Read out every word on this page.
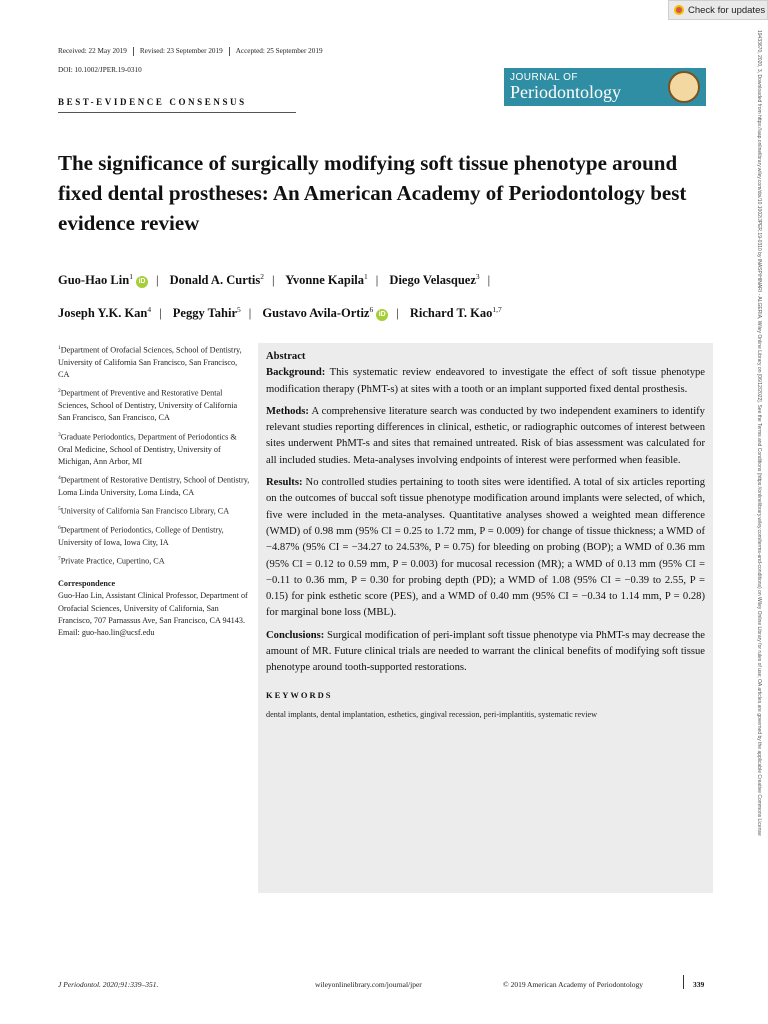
Check for updates
Received: 22 May 2019 Revised: 23 September 2019 Accepted: 25 September 2019
DOI: 10.1002/JPER.19-0310
BEST-EVIDENCE CONSENSUS
JOURNAL OF
Periodontology
The significance of surgically modifying soft tissue phenotype around fixed dental prostheses: An American Academy of Periodontology best evidence review
Guo-Hao Lin$^1$iD | Donald A. Curtis$^2$ | Yvonne Kapila$^1$ | Diego Velasquez$^3$ |
Joseph Y.K. Kan$^4$ | Peggy Tahir$^5$ | Gustavo Avila-Ortiz$^6$iD | Richard T. Kao$^{1,7}$

$^1$Department of Orofacial Sciences, School of Dentistry, University of California San Francisco, San Francisco, CA

$^2$Department of Preventive and Restorative Dental Sciences, School of Dentistry, University of California San Francisco, San Francisco, CA

$^3$Graduate Periodontics, Department of Periodontics & Oral Medicine, School of Dentistry, University of Michigan, Ann Arbor, MI

$^4$Department of Restorative Dentistry, School of Dentistry, Loma Linda University, Loma Linda, CA

$^5$University of California San Francisco Library, CA

$^6$Department of Periodontics, College of Dentistry, University of Iowa, Iowa City, IA

$^7$Private Practice, Cupertino, CA

Correspondence
Guo-Hao Lin, Assistant Clinical Professor, Department of Orofacial Sciences, University of California, San Francisco, 707 Parnassus Ave, San Francisco, CA 94143.
Email: guo-hao.lin@ucsf.edu
Abstract

Background: This systematic review endeavored to investigate the effect of soft tissue phenotype modification therapy (PhMT-s) at sites with a tooth or an implant supported fixed dental prosthesis.

Methods: A comprehensive literature search was conducted by two independent examiners to identify relevant studies reporting differences in clinical, esthetic, or radiographic outcomes of interest between sites underwent PhMT-s and sites that remained untreated. Risk of bias assessment was calculated for all included studies. Meta-analyses involving endpoints of interest were performed when feasible.

Results: No controlled studies pertaining to tooth sites were identified. A total of six articles reporting on the outcomes of buccal soft tissue phenotype modification around implants were selected, of which, five were included in the meta-analyses. Quantitative analyses showed a weighted mean difference (WMD) of 0.98 mm (95% CI = 0.25 to 1.72 mm, P = 0.009) for change of tissue thickness; a WMD of −4.87% (95% CI = −34.27 to 24.53%, P = 0.75) for bleeding on probing (BOP); a WMD of 0.36 mm (95% CI = 0.12 to 0.59 mm, P = 0.003) for mucosal recession (MR); a WMD of 0.13 mm (95% CI = −0.11 to 0.36 mm, P = 0.30 for probing depth (PD); a WMD of 1.08 (95% CI = −0.39 to 2.55, P = 0.15) for pink esthetic score (PES), and a WMD of 0.40 mm (95% CI = −0.34 to 1.14 mm, P = 0.28) for marginal bone loss (MBL).

Conclusions: Surgical modification of peri-implant soft tissue phenotype via PhMT-s may decrease the amount of MR. Future clinical trials are needed to warrant the clinical benefits of modifying soft tissue phenotype around tooth-supported restorations.

KEYWORDS
dental implants, dental implantation, esthetics, gingival recession, peri-implantitis, systematic review
J Periodontol. 2020;91:339–351.	wileyonlinelibrary.com/journal/jper	© 2019 American Academy of Periodontology	339
19433670, 2020, 3, Downloaded from https://aap.onlinelibrary.wiley.com/doi/10.1002/JPER.19-0310 by INASP/HINARI - ALGERIA, Wiley Online Library on [06/12/2022]. See the Terms and Conditions (https://onlinelibrary.wiley.com/terms-and-conditions) on Wiley Online Library for rules of use; OA articles are governed by the applicable Creative Commons License
